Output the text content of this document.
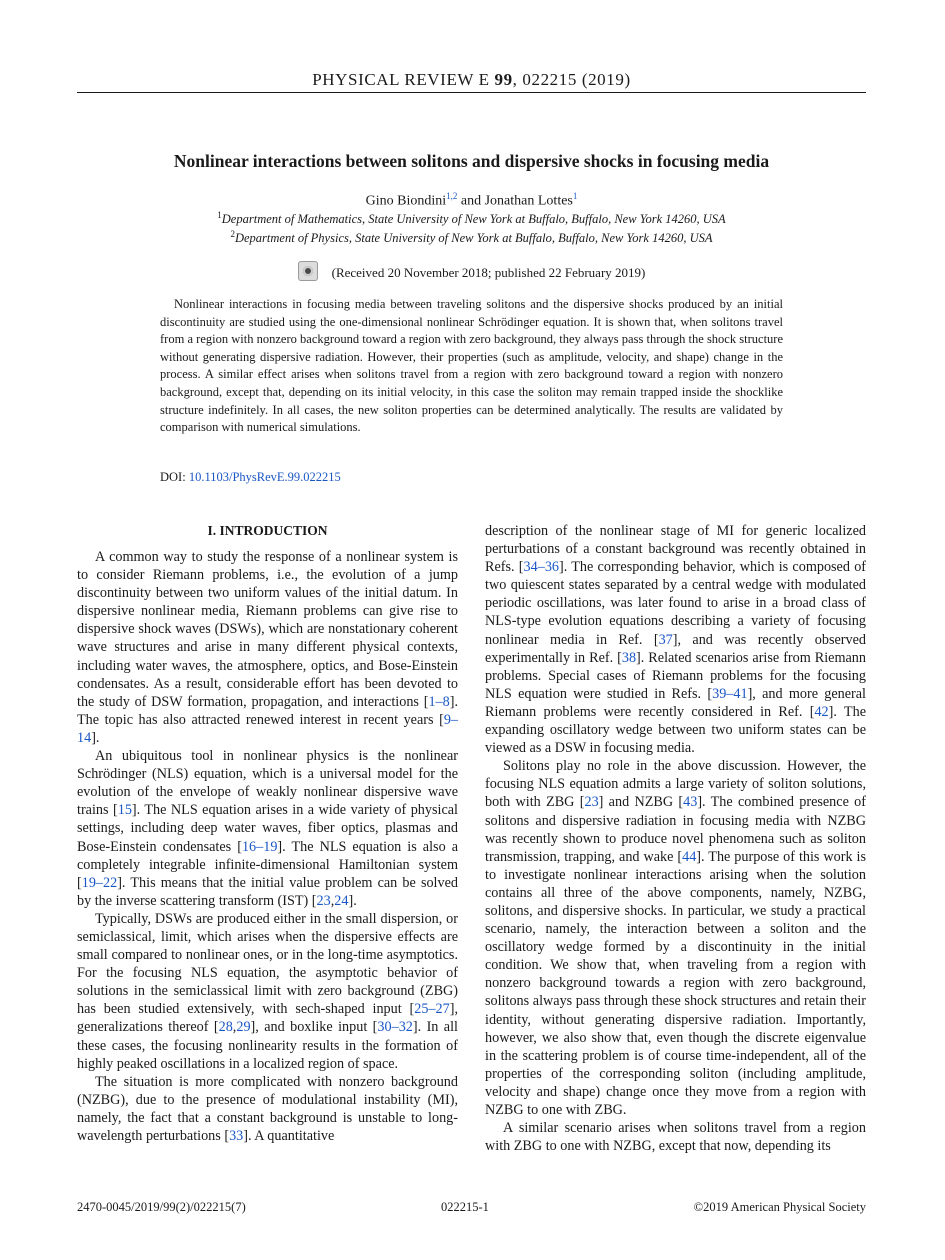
PHYSICAL REVIEW E 99, 022215 (2019)
Nonlinear interactions between solitons and dispersive shocks in focusing media
Gino Biondini$^{1,2}$ and Jonathan Lottes$^1$
$^1$Department of Mathematics, State University of New York at Buffalo, Buffalo, New York 14260, USA
$^2$Department of Physics, State University of New York at Buffalo, Buffalo, New York 14260, USA
(Received 20 November 2018; published 22 February 2019)

Nonlinear interactions in focusing media between traveling solitons and the dispersive shocks produced by an initial discontinuity are studied using the one-dimensional nonlinear Schrödinger equation. It is shown that, when solitons travel from a region with nonzero background toward a region with zero background, they always pass through the shock structure without generating dispersive radiation. However, their properties (such as amplitude, velocity, and shape) change in the process. A similar effect arises when solitons travel from a region with zero background toward a region with nonzero background, except that, depending on its initial velocity, in this case the soliton may remain trapped inside the shocklike structure indefinitely. In all cases, the new soliton properties can be determined analytically. The results are validated by comparison with numerical simulations.

DOI: 10.1103/PhysRevE.99.022215
I. INTRODUCTION

A common way to study the response of a nonlinear system is to consider Riemann problems, i.e., the evolution of a jump discontinuity between two uniform values of the initial datum. In dispersive nonlinear media, Riemann problems can give rise to dispersive shock waves (DSWs), which are nonstationary coherent wave structures and arise in many different physical contexts, including water waves, the atmosphere, optics, and Bose-Einstein condensates. As a result, considerable effort has been devoted to the study of DSW formation, propagation, and interactions [1–8]. The topic has also attracted renewed interest in recent years [9–14].

An ubiquitous tool in nonlinear physics is the nonlinear Schrödinger (NLS) equation, which is a universal model for the evolution of the envelope of weakly nonlinear dispersive wave trains [15]. The NLS equation arises in a wide variety of physical settings, including deep water waves, fiber optics, plasmas and Bose-Einstein condensates [16–19]. The NLS equation is also a completely integrable infinite-dimensional Hamiltonian system [19–22]. This means that the initial value problem can be solved by the inverse scattering transform (IST) [23,24].

Typically, DSWs are produced either in the small dispersion, or semiclassical, limit, which arises when the dispersive effects are small compared to nonlinear ones, or in the long-time asymptotics. For the focusing NLS equation, the asymptotic behavior of solutions in the semiclassical limit with zero background (ZBG) has been studied extensively, with sech-shaped input [25–27], generalizations thereof [28,29], and boxlike input [30–32]. In all these cases, the focusing nonlinearity results in the formation of highly peaked oscillations in a localized region of space.

The situation is more complicated with nonzero background (NZBG), due to the presence of modulational instability (MI), namely, the fact that a constant background is unstable to long-wavelength perturbations [33]. A quantitative

description of the nonlinear stage of MI for generic localized perturbations of a constant background was recently obtained in Refs. [34–36]. The corresponding behavior, which is composed of two quiescent states separated by a central wedge with modulated periodic oscillations, was later found to arise in a broad class of NLS-type evolution equations describing a variety of focusing nonlinear media in Ref. [37], and was recently observed experimentally in Ref. [38]. Related scenarios arise from Riemann problems. Special cases of Riemann problems for the focusing NLS equation were studied in Refs. [39–41], and more general Riemann problems were recently considered in Ref. [42]. The expanding oscillatory wedge between two uniform states can be viewed as a DSW in focusing media.

Solitons play no role in the above discussion. However, the focusing NLS equation admits a large variety of soliton solutions, both with ZBG [23] and NZBG [43]. The combined presence of solitons and dispersive radiation in focusing media with NZBG was recently shown to produce novel phenomena such as soliton transmission, trapping, and wake [44]. The purpose of this work is to investigate nonlinear interactions arising when the solution contains all three of the above components, namely, NZBG, solitons, and dispersive shocks. In particular, we study a practical scenario, namely, the interaction between a soliton and the oscillatory wedge formed by a discontinuity in the initial condition. We show that, when traveling from a region with nonzero background towards a region with zero background, solitons always pass through these shock structures and retain their identity, without generating dispersive radiation. Importantly, however, we also show that, even though the discrete eigenvalue in the scattering problem is of course time-independent, all of the properties of the corresponding soliton (including amplitude, velocity and shape) change once they move from a region with NZBG to one with ZBG.

A similar scenario arises when solitons travel from a region with ZBG to one with NZBG, except that now, depending its

2470-0045/2019/99(2)/022215(7)	022215-1	©2019 American Physical Society
